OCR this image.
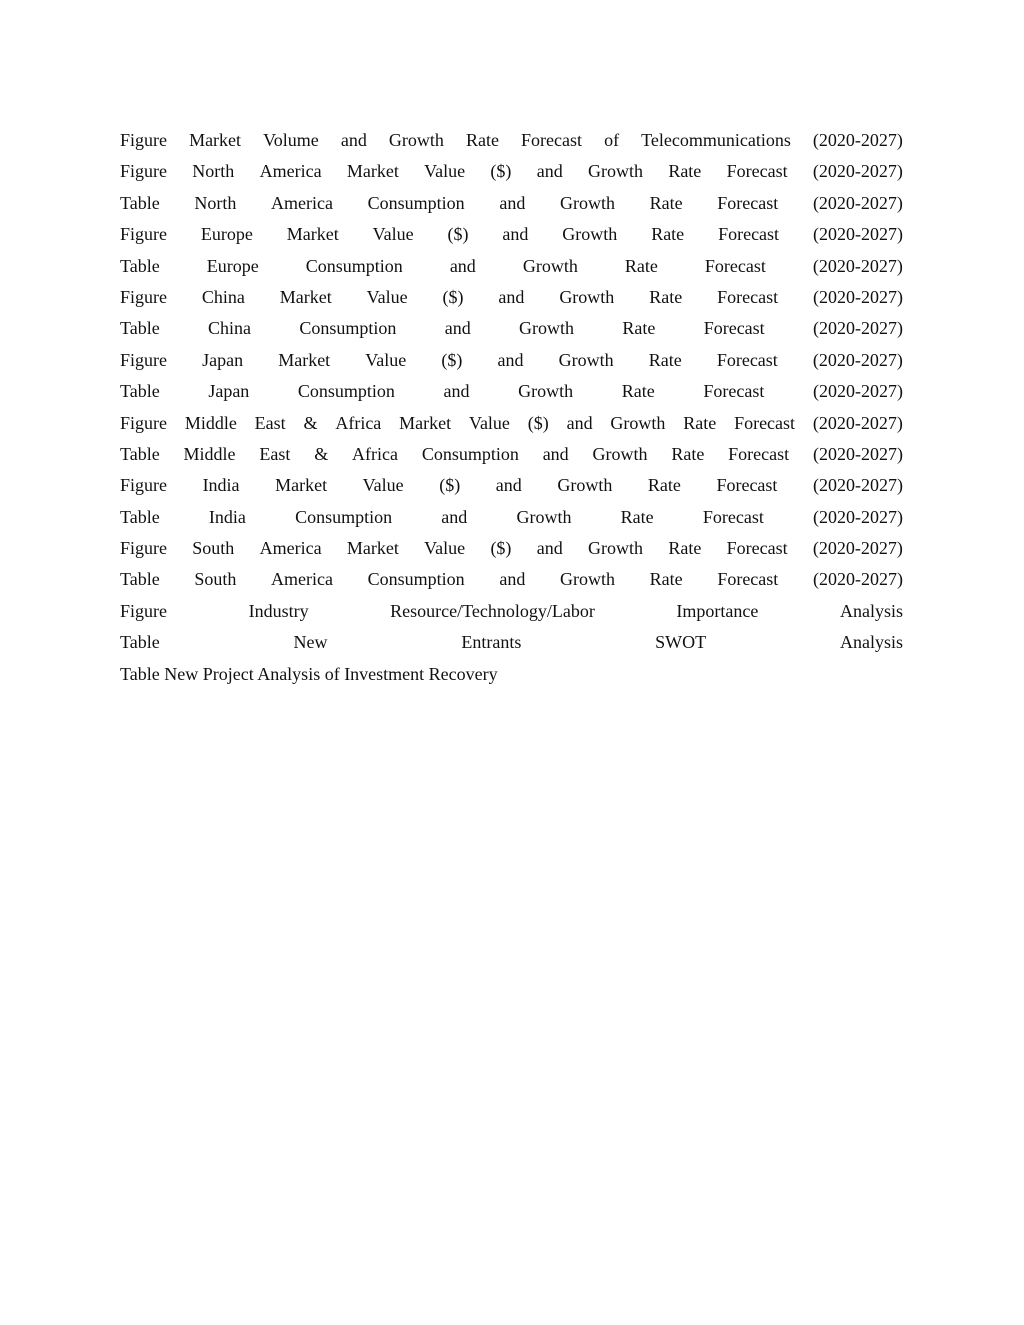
Figure Market Volume and Growth Rate Forecast of Telecommunications (2020-2027)
Figure North America Market Value ($) and Growth Rate Forecast (2020-2027)
Table North America Consumption and Growth Rate Forecast (2020-2027)
Figure Europe Market Value ($) and Growth Rate Forecast (2020-2027)
Table	Europe	Consumption	and	Growth	Rate	Forecast	(2020-2027)
Figure China Market Value ($) and Growth Rate Forecast (2020-2027)
Table	China	Consumption	and	Growth	Rate	Forecast	(2020-2027)
Figure Japan Market Value ($) and Growth Rate Forecast (2020-2027)
Table	Japan	Consumption	and	Growth	Rate	Forecast	(2020-2027)
Figure Middle East & Africa Market Value ($) and Growth Rate Forecast (2020-2027)
Table Middle East & Africa Consumption and Growth Rate Forecast (2020-2027)
Figure India Market Value ($) and Growth Rate Forecast (2020-2027)
Table	India	Consumption	and	Growth	Rate	Forecast	(2020-2027)
Figure South America Market Value ($) and Growth Rate Forecast (2020-2027)
Table South America Consumption and Growth Rate Forecast (2020-2027)
Figure	Industry	Resource/Technology/Labor	Importance	Analysis
Table	New	Entrants	SWOT	Analysis
Table New Project Analysis of Investment Recovery
